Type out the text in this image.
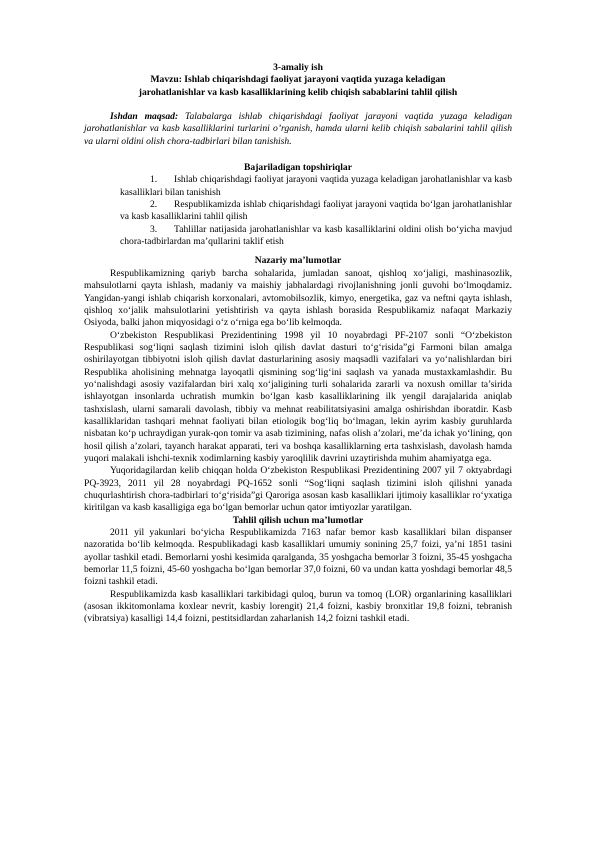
3-amaliy ish

Mavzu: Ishlab chiqarishdagi faoliyat jarayoni vaqtida yuzaga keladigan

jarohatlanishlar va kasb kasalliklarining kelib chiqish sabablarini tahlil qilish

Ishdan maqsad: Talabalarga ishlab chiqarishdagi faoliyat jarayoni vaqtida yuzaga keladigan jarohatlanishlar va kasb kasalliklarini turlarini o’rganish, hamda ularni kelib chiqish sabalarini tahlil qilish va ularni oldini olish chora-tadbirlari bilan tanishish.

Bajariladigan topshiriqlar

1. Ishlab chiqarishdagi faoliyat jarayoni vaqtida yuzaga keladigan jarohatlanishlar va kasb kasalliklari bilan tanishish

2. Respublikamizda ishlab chiqarishdagi faoliyat jarayoni vaqtida bo‘lgan jarohatlanishlar va kasb kasalliklarini tahlil qilish

3. Tahlillar natijasida jarohatlanishlar va kasb kasalliklarini oldini olish bo‘yicha mavjud chora-tadbirlardan ma’qullarini taklif etish

Nazariy ma’lumotlar

Respublikamizning qariyb barcha sohalarida, jumladan sanoat, qishloq xo‘jaligi, mashinasozlik, mahsulotlarni qayta ishlash, madaniy va maishiy jabhalardagi rivojlanishning jonli guvohi bo‘lmoqdamiz. Yangidan-yangi ishlab chiqarish korxonalari, avtomobilsozlik, kimyo, energetika, gaz va neftni qayta ishlash, qishloq xo‘jalik mahsulotlarini yetishtirish va qayta ishlash borasida Respublikamiz nafaqat Markaziy Osiyoda, balki jahon miqyosidagi o‘z o‘rniga ega bo‘lib kelmoqda.

O‘zbekiston Respublikasi Prezidentining 1998 yil 10 noyabrdagi PF-2107 sonli “O‘zbekiston Respublikasi sog‘liqni saqlash tizimini isloh qilish davlat dasturi to‘g‘risida”gi Farmoni bilan amalga oshirilayotgan tibbiyotni isloh qilish davlat dasturlarining asosiy maqsadli vazifalari va yo‘nalishlardan biri Respublika aholisining mehnatga layoqatli qismining sog‘lig‘ini saqlash va yanada mustaxkamlashdir. Bu yo‘nalishdagi asosiy vazifalardan biri xalq xo‘jaligining turli sohalarida zararli va noxush omillar ta’sirida ishlayotgan insonlarda uchratish mumkin bo‘lgan kasb kasalliklarining ilk yengil darajalarida aniqlab tashxislash, ularni samarali davolash, tibbiy va mehnat reabilitatsiyasini amalga oshirishdan iboratdir. Kasb kasalliklaridan tashqari mehnat faoliyati bilan etiologik bog‘liq bo‘lmagan, lekin ayrim kasbiy guruhlarda nisbatan ko‘p uchraydigan yurak-qon tomir va asab tizimining, nafas olish a’zolari, me’da ichak yo‘lining, qon hosil qilish a’zolari, tayanch harakat apparati, teri va boshqa kasalliklarning erta tashxislash, davolash hamda yuqori malakali ishchi-texnik xodimlarning kasbiy yaroqlilik davrini uzaytirishda muhim ahamiyatga ega.

Yuqoridagilardan kelib chiqqan holda O‘zbekiston Respublikasi Prezidentining 2007 yil 7 oktyabrdagi PQ-3923, 2011 yil 28 noyabrdagi PQ-1652 sonli “Sog‘liqni saqlash tizimini isloh qilishni yanada chuqurlashtirish chora-tadbirlari to‘g‘risida”gi Qaroriga asosan kasb kasalliklari ijtimoiy kasalliklar ro‘yxatiga kiritilgan va kasb kasalligiga ega bo‘lgan bemorlar uchun qator imtiyozlar yaratilgan.

Tahlil qilish uchun ma’lumotlar

2011 yil yakunlari bo‘yicha Respublikamizda 7163 nafar bemor kasb kasalliklari bilan dispanser nazoratida bo‘lib kelmoqda. Respublikadagi kasb kasalliklari umumiy sonining 25,7 foizi, ya’ni 1851 tasini ayollar tashkil etadi. Bemorlarni yoshi kesimida qaralganda, 35 yoshgacha bemorlar 3 foizni, 35-45 yoshgacha bemorlar 11,5 foizni, 45-60 yoshgacha bo‘lgan bemorlar 37,0 foizni, 60 va undan katta yoshdagi bemorlar 48,5 foizni tashkil etadi.

Respublikamizda kasb kasalliklari tarkibidagi quloq, burun va tomoq (LOR) organlarining kasalliklari (asosan ikkitomonlama koxlear nevrit, kasbiy lorengit) 21,4 foizni, kasbiy bronxitlar 19,8 foizni, tebranish (vibratsiya) kasalligi 14,4 foizni, pestitsidlardan zaharlanish 14,2 foizni tashkil etadi.
